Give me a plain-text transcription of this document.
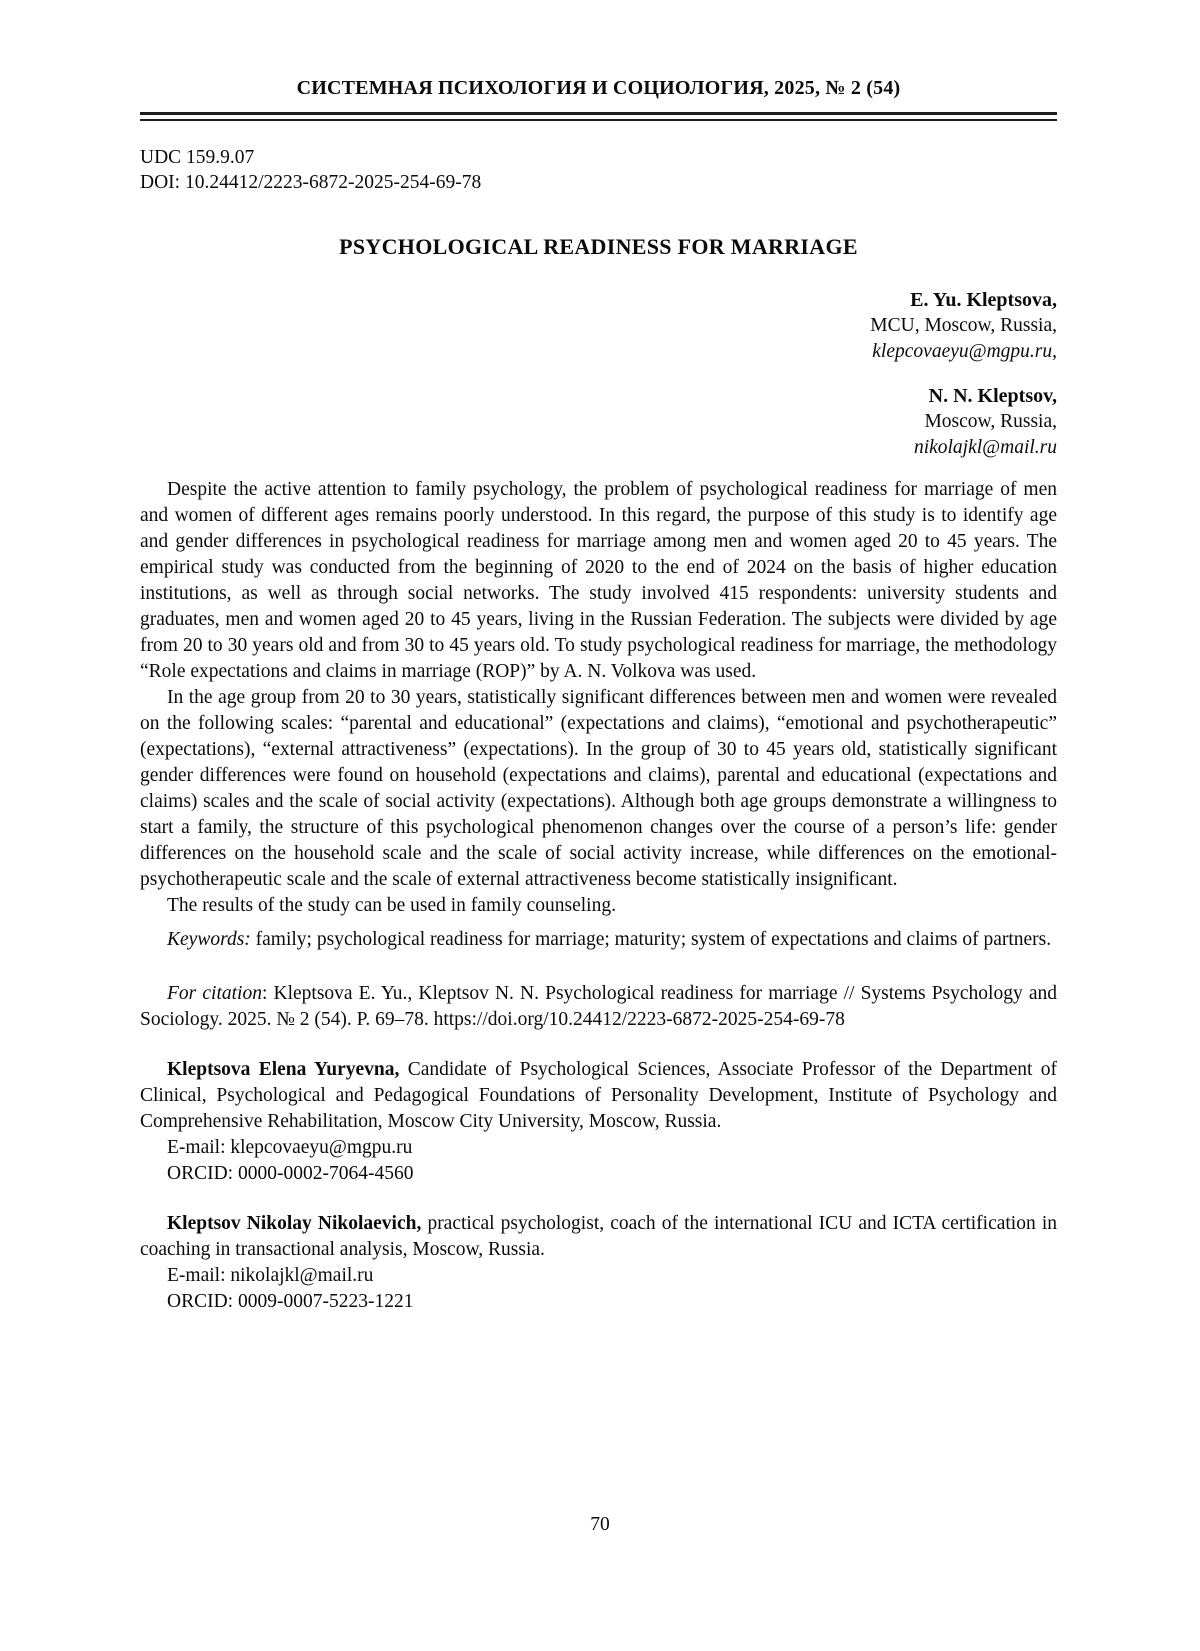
СИСТЕМНАЯ ПСИХОЛОГИЯ И СОЦИОЛОГИЯ, 2025, № 2 (54)
UDC 159.9.07
DOI: 10.24412/2223-6872-2025-254-69-78
PSYCHOLOGICAL READINESS FOR MARRIAGE
E. Yu. Kleptsova,
MCU, Moscow, Russia,
klepcovaeyu@mgpu.ru,
N. N. Kleptsov,
Moscow, Russia,
nikolajkl@mail.ru

Despite the active attention to family psychology, the problem of psychological readiness for marriage of men and women of different ages remains poorly understood. In this regard, the purpose of this study is to identify age and gender differences in psychological readiness for marriage among men and women aged 20 to 45 years. The empirical study was conducted from the beginning of 2020 to the end of 2024 on the basis of higher education institutions, as well as through social networks. The study involved 415 respondents: university students and graduates, men and women aged 20 to 45 years, living in the Russian Federation. The subjects were divided by age from 20 to 30 years old and from 30 to 45 years old. To study psychological readiness for marriage, the methodology “Role expectations and claims in marriage (ROP)” by A. N. Volkova was used.

In the age group from 20 to 30 years, statistically significant differences between men and women were revealed on the following scales: “parental and educational” (expectations and claims), “emotional and psychotherapeutic” (expectations), “external attractiveness” (expectations). In the group of 30 to 45 years old, statistically significant gender differences were found on household (expectations and claims), parental and educational (expectations and claims) scales and the scale of social activity (expectations). Although both age groups demonstrate a willingness to start a family, the structure of this psychological phenomenon changes over the course of a person’s life: gender differences on the household scale and the scale of social activity increase, while differences on the emotional-psychotherapeutic scale and the scale of external attractiveness become statistically insignificant.

The results of the study can be used in family counseling.

Keywords: family; psychological readiness for marriage; maturity; system of expectations and claims of partners.

For citation: Kleptsova E. Yu., Kleptsov N. N. Psychological readiness for marriage // Systems Psychology and Sociology. 2025. № 2 (54). P. 69–78. https://doi.org/10.24412/2223-6872-2025-254-69-78

Kleptsova Elena Yuryevna, Candidate of Psychological Sciences, Associate Professor of the Department of Clinical, Psychological and Pedagogical Foundations of Personality Development, Institute of Psychology and Comprehensive Rehabilitation, Moscow City University, Moscow, Russia.

E-mail: klepcovaeyu@mgpu.ru

ORCID: 0000-0002-7064-4560

Kleptsov Nikolay Nikolaevich, practical psychologist, coach of the international ICU and ICTA certification in coaching in transactional analysis, Moscow, Russia.

E-mail: nikolajkl@mail.ru

ORCID: 0009-0007-5223-1221

70
